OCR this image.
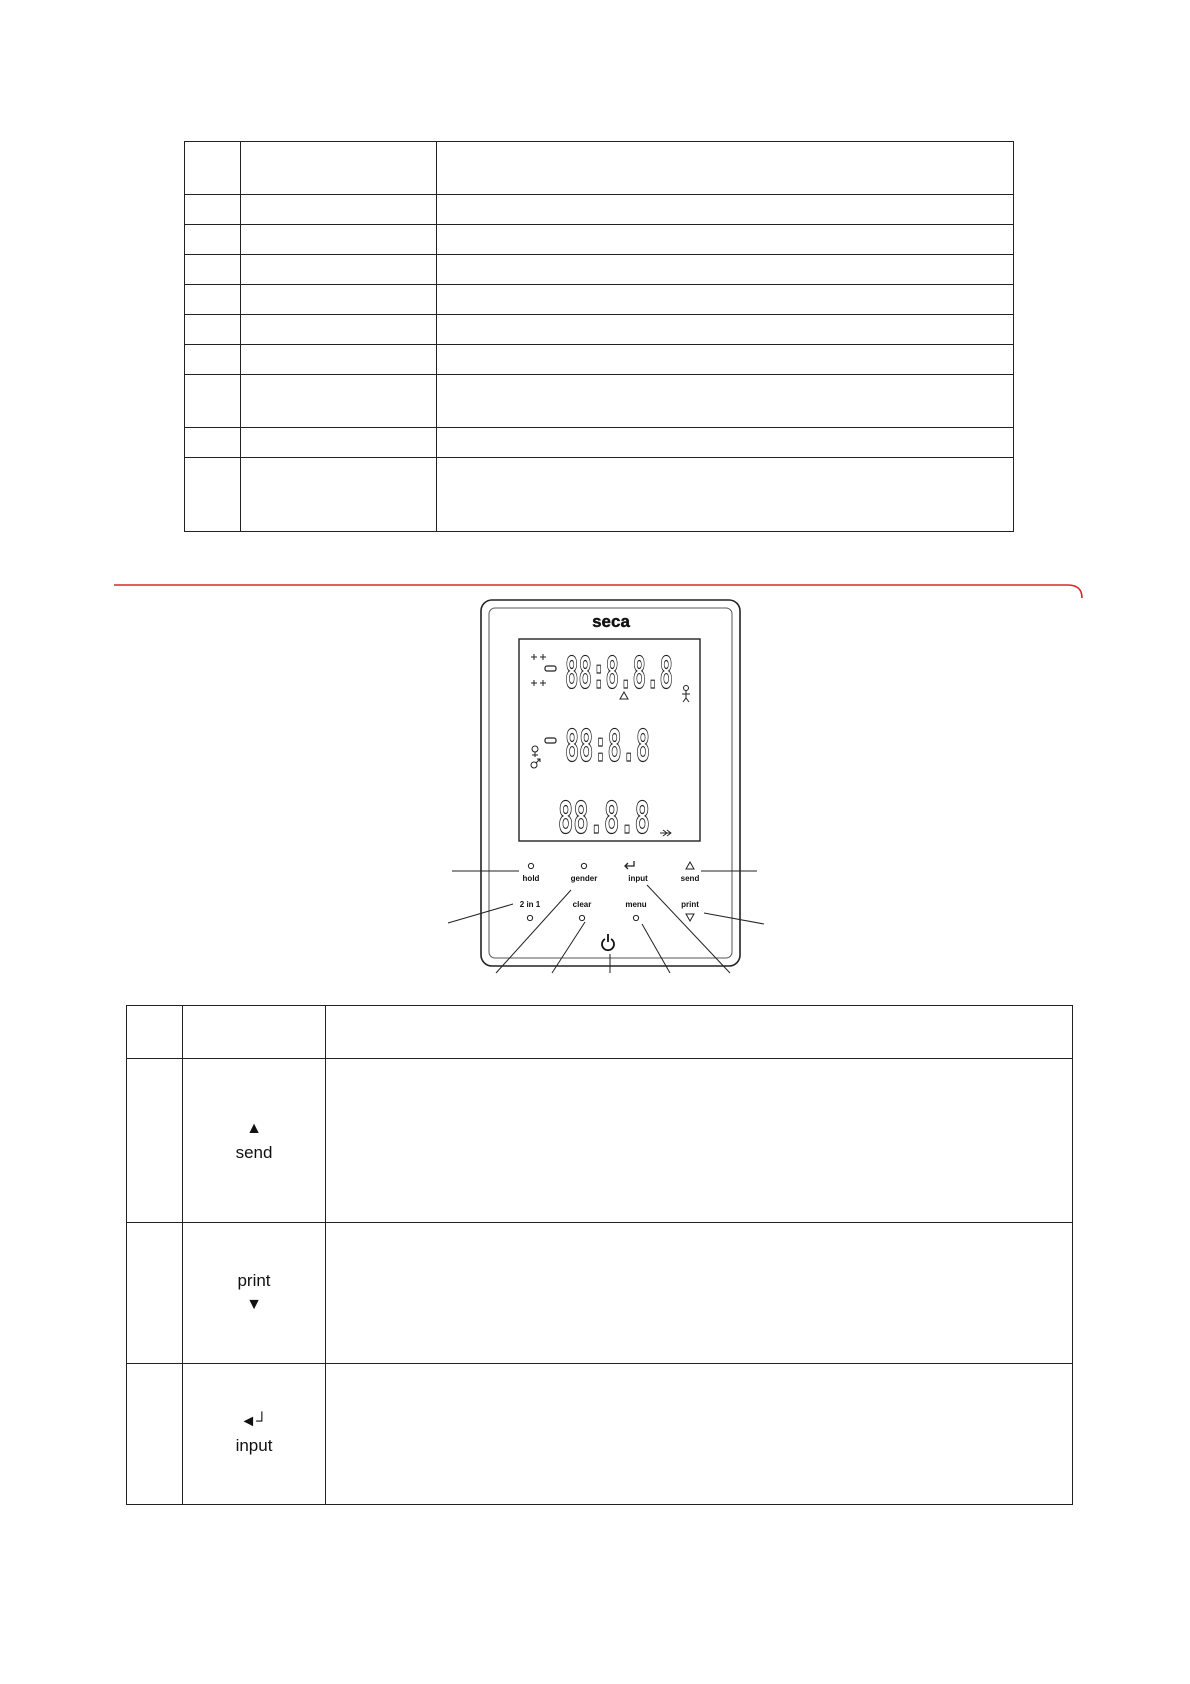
seca
88:8.8.8
88:8.8
88.8.8
hold	gender	input	send
2 in 1	clear	menu	print

	▲
send	

	print
▼	

	◄┘
input	
